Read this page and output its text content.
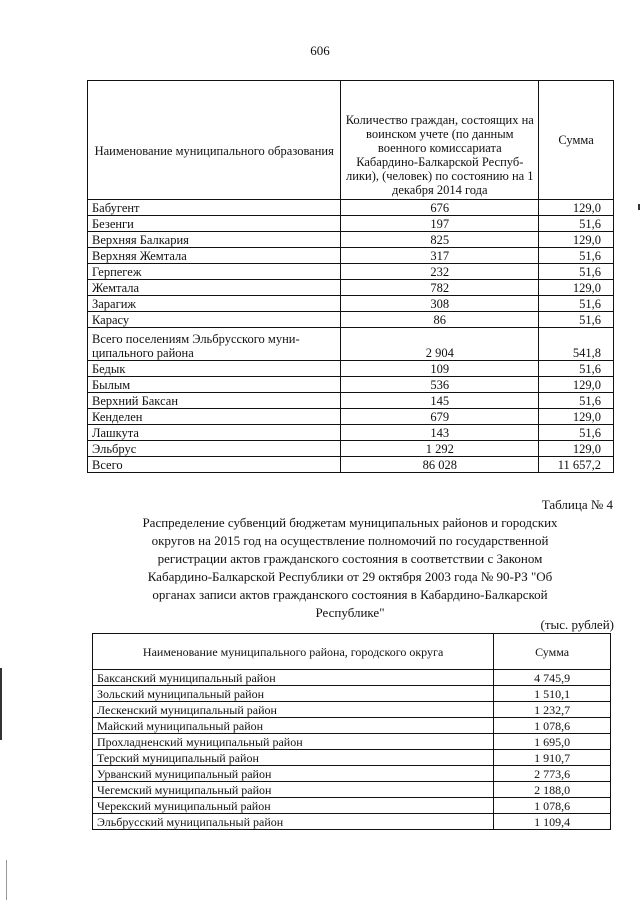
606
Наименование муниципального образования	Количество граждан, состоящих на воинском учете (по данным военного комиссариата Кабардино-Балкарской Респуб-лики), (человек) по состоянию на 1 декабря 2014 года	Сумма
Бабугент	676	129,0
Безенги	197	51,6
Верхняя Балкария	825	129,0
Верхняя Жемтала	317	51,6
Герпегеж	232	51,6
Жемтала	782	129,0
Зарагиж	308	51,6
Карасу	86	51,6
Всего поселениям Эльбрусского муни-ципального района	2 904	541,8
Бедык	109	51,6
Былым	536	129,0
Верхний Баксан	145	51,6
Кенделен	679	129,0
Лашкута	143	51,6
Эльбрус	1 292	129,0
Всего	86 028	11 657,2
Таблица № 4
Распределение субвенций бюджетам муниципальных районов и городских округов на 2015 год на осуществление полномочий по государственной регистрации актов гражданского состояния в соответствии с Законом Кабардино-Балкарской Республики от 29 октября 2003 года № 90-РЗ "Об органах записи актов гражданского состояния в Кабардино-Балкарской Республике"
(тыс. рублей)
Наименование муниципального района, городского округа	Сумма
Баксанский муниципальный район	4 745,9
Зольский муниципальный район	1 510,1
Лескенский муниципальный район	1 232,7
Майский муниципальный район	1 078,6
Прохладненский муниципальный район	1 695,0
Терский муниципальный район	1 910,7
Урванский муниципальный район	2 773,6
Чегемский муниципальный район	2 188,0
Черекский муниципальный район	1 078,6
Эльбрусский муниципальный район	1 109,4
